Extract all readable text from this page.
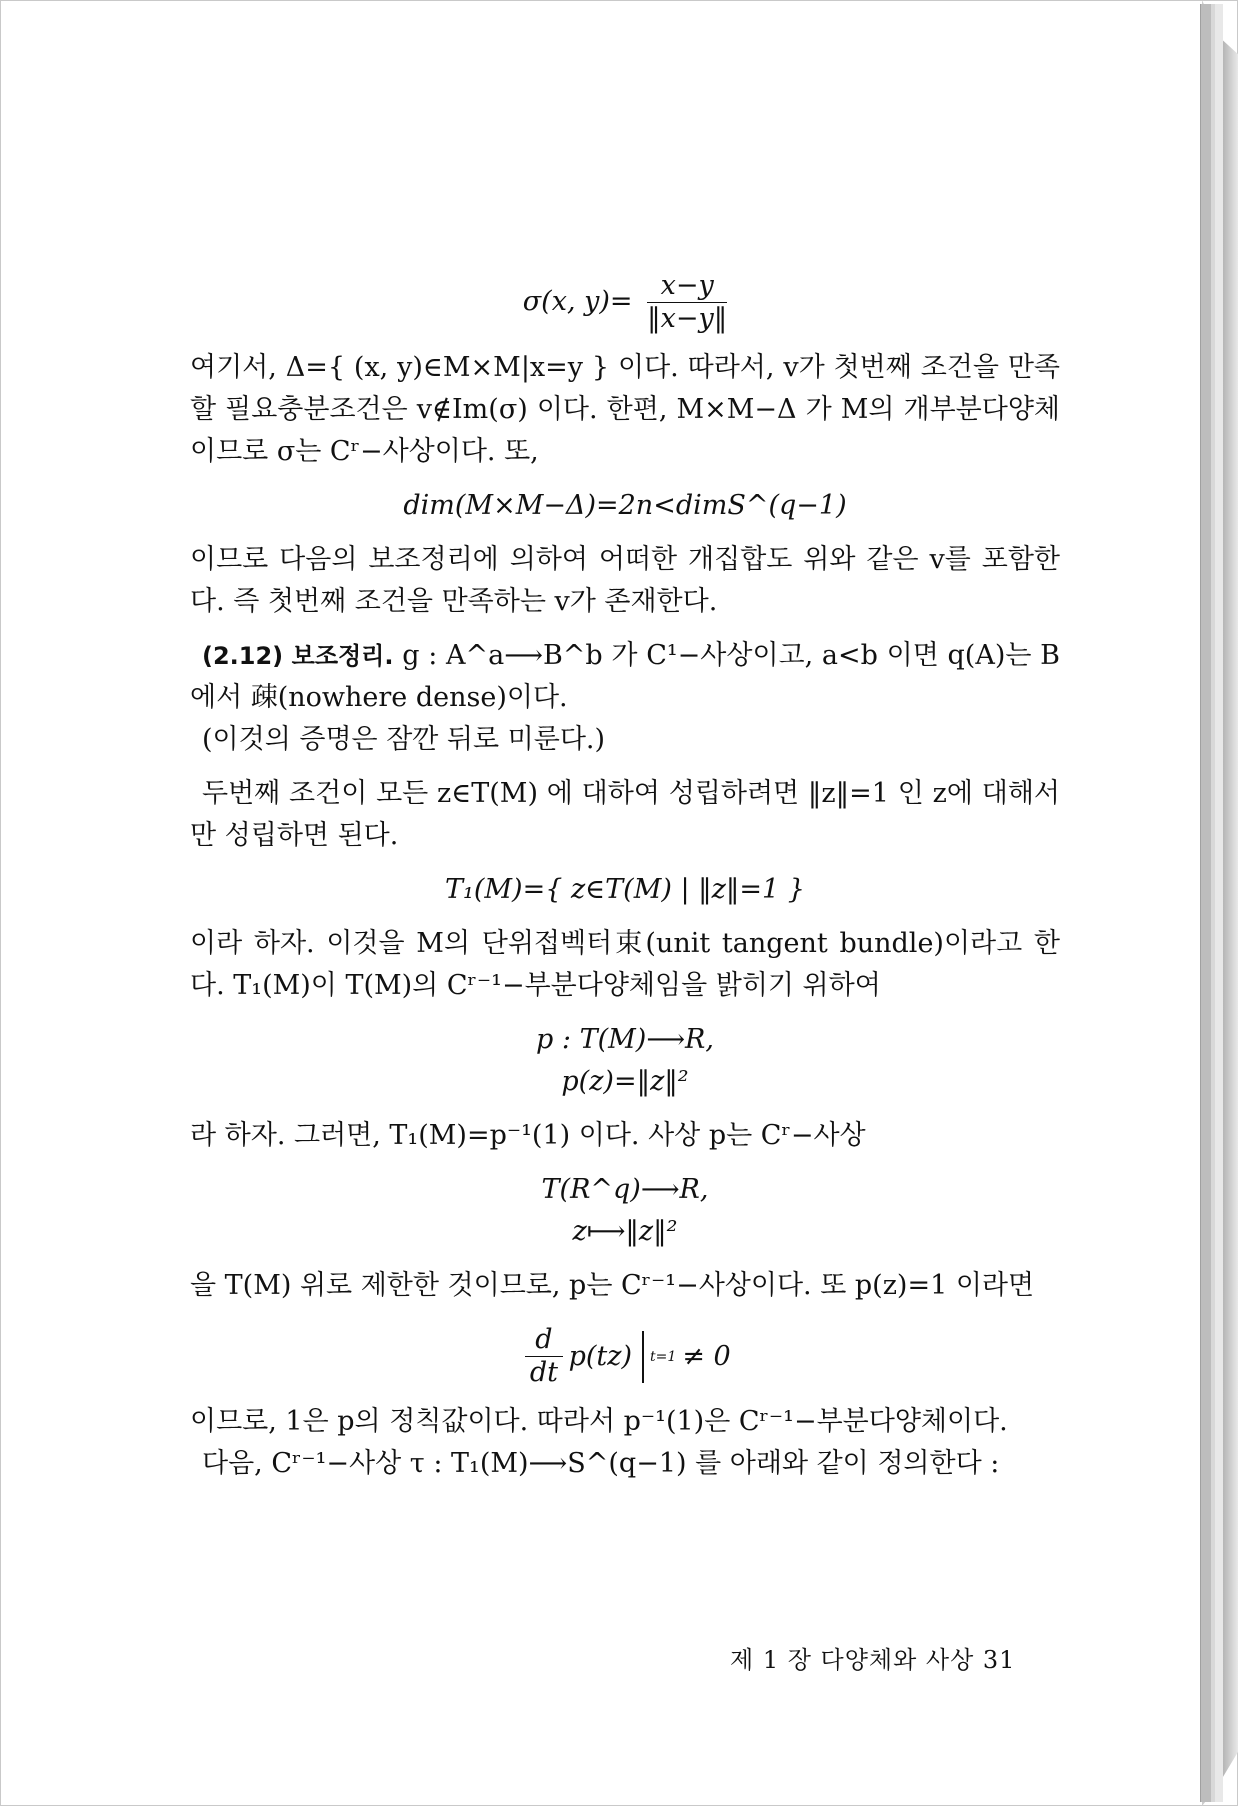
σ(x, $y)= \frac{x-y}{‖x-y‖}$

여기서, Δ={ (x, y)∈M×M|x=y } 이다. 따라서, v가 첫번째 조건을 만족할 필요충분조건은 v∉Im(σ) 이다. 한편, M×M−Δ 가 M의 개부분다양체이므로 σ는 Cʳ−사상이다. 또,

dim(M×M−Δ)=2n<dimS^(q−1)

이므로 다음의 보조정리에 의하여 어떠한 개집합도 위와 같은 v를 포함한다. 즉 첫번째 조건을 만족하는 v가 존재한다.

(2.12) 보조정리. g : A^a⟶B^b 가 C¹−사상이고, a<b 이면 q(A)는 B에서 疎(nowhere dense)이다.

(이것의 증명은 잠깐 뒤로 미룬다.)

두번째 조건이 모든 z∈T(M) 에 대하여 성립하려면 ‖z‖=1 인 z에 대해서만 성립하면 된다.

T₁(M)={ z∈T(M) | ‖z‖=1 }

이라 하자. 이것을 M의 단위접벡터束(unit tangent bundle)이라고 한다. T₁(M)이 T(M)의 Cʳ⁻¹−부분다양체임을 밝히기 위하여

p : T(M)⟶R,
p(z)=‖z‖²

라 하자. 그러면, T₁(M)=p⁻¹(1) 이다. 사상 p는 Cʳ−사상

T(R^q)⟶R,
z⟼‖z‖²

을 T(M) 위로 제한한 것이므로, p는 Cʳ⁻¹−사상이다. 또 p(z)=1 이라면

$\frac{d}{dt} p(tz) t=1 \ne 0$

이므로, 1은 p의 정칙값이다. 따라서 p⁻¹(1)은 Cʳ⁻¹−부분다양체이다.

다음, Cʳ⁻¹−사상 τ : T₁(M)⟶S^(q−1) 를 아래와 같이 정의한다 :

제 1 장 다양체와 사상 31
